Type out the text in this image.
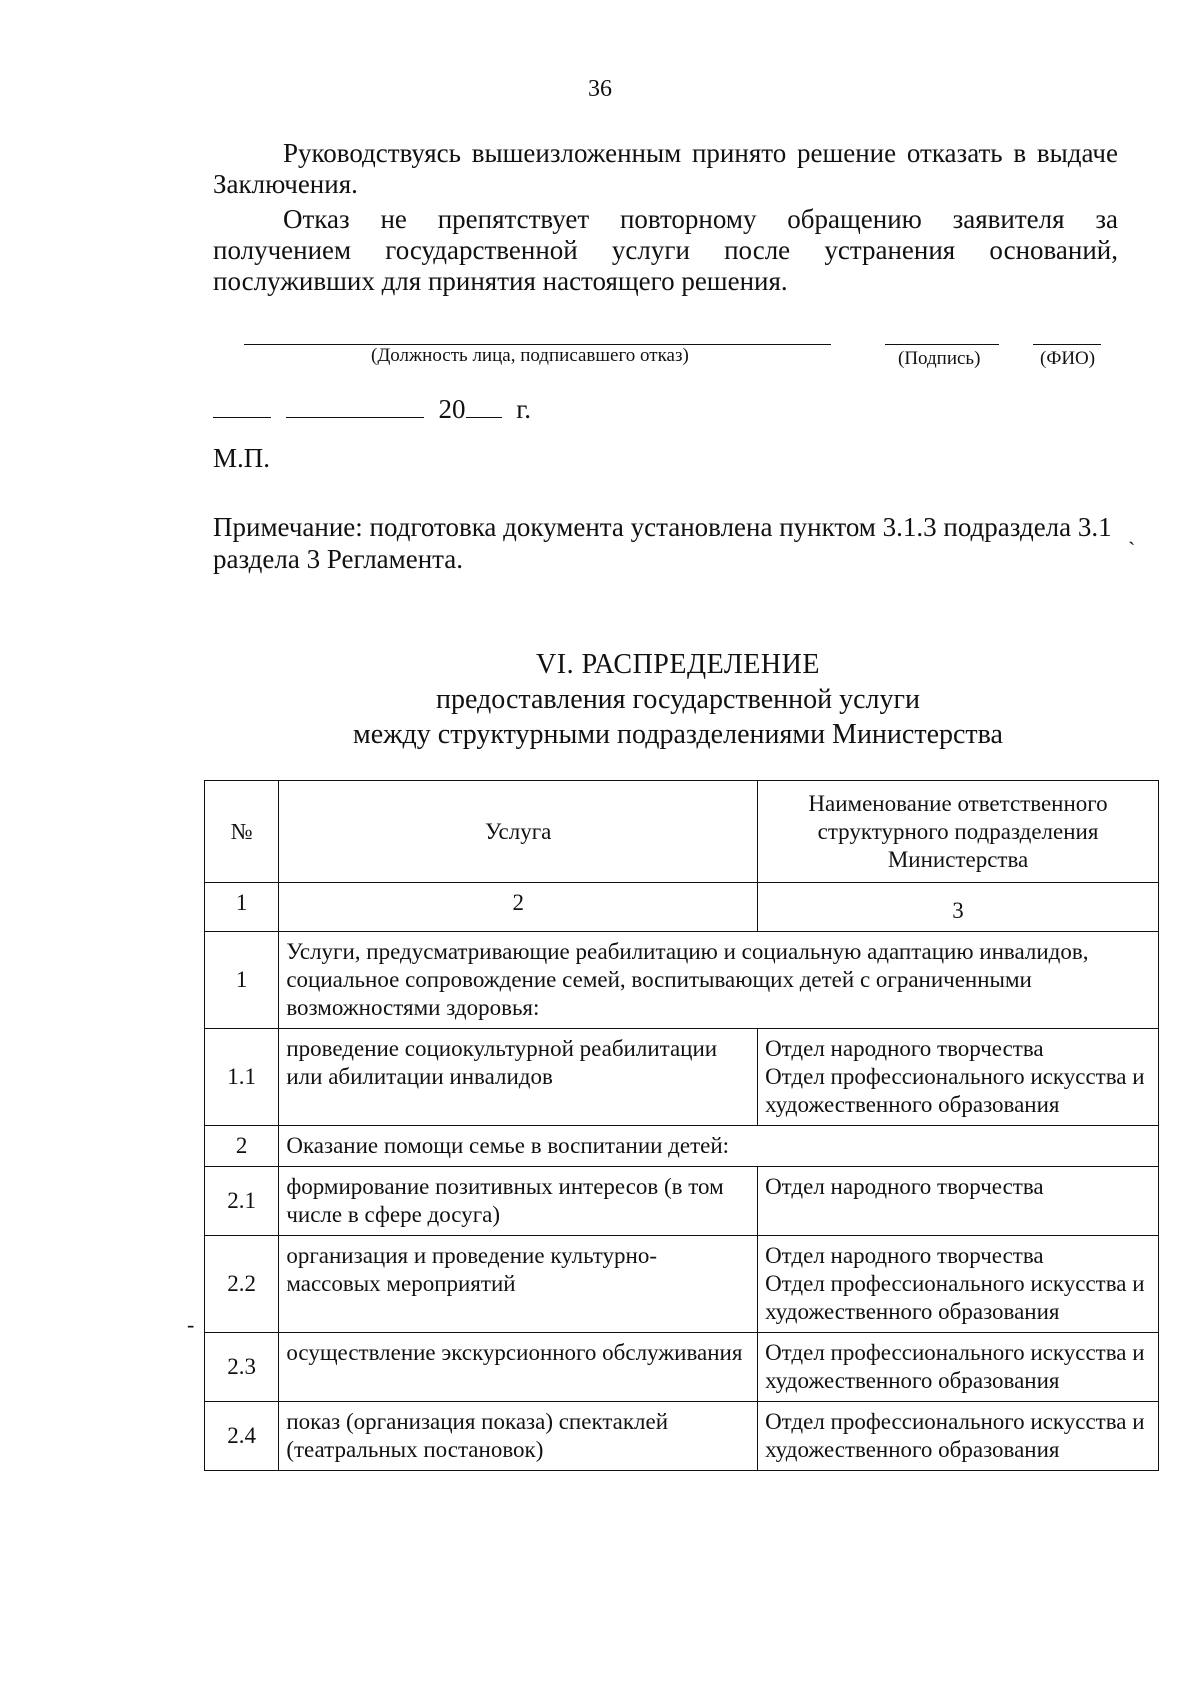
36
Руководствуясь вышеизложенным принято решение отказать в выдаче Заключения.
Отказ не препятствует повторному обращению заявителя за получением государственной услуги после устранения оснований, послуживших для принятия настоящего решения.
(Должность лица, подписавшего отказ)	(Подпись)	(ФИО)
20 г.
М.П.
Примечание: подготовка документа установлена пунктом 3.1.3 подраздела 3.1 раздела 3 Регламента.	`
VI. РАСПРЕДЕЛЕНИЕ
предоставления государственной услуги
между структурными подразделениями Министерства
№	Услуга	Наименование ответственного структурного подразделения Министерства
1	2	3
1	Услуги, предусматривающие реабилитацию и социальную адаптацию инвалидов, социальное сопровождение семей, воспитывающих детей с ограниченными возможностями здоровья:	
1.1	проведение социокультурной реабилитации или абилитации инвалидов	Отдел народного творчества
Отдел профессионального искусства и художественного образования

2	Оказание помощи семье в воспитании детей:	
2.1	формирование позитивных интересов (в том числе в сфере досуга)	Отдел народного творчества

2.2	организация и проведение культурно-массовых мероприятий	Отдел народного творчества
Отдел профессионального искусства и художественного образования

2.3	осуществление экскурсионного обслуживания	Отдел профессионального искусства и художественного образования

2.4	показ (организация показа) спектаклей (театральных постановок)	Отдел профессионального искусства и художественного образования
-
